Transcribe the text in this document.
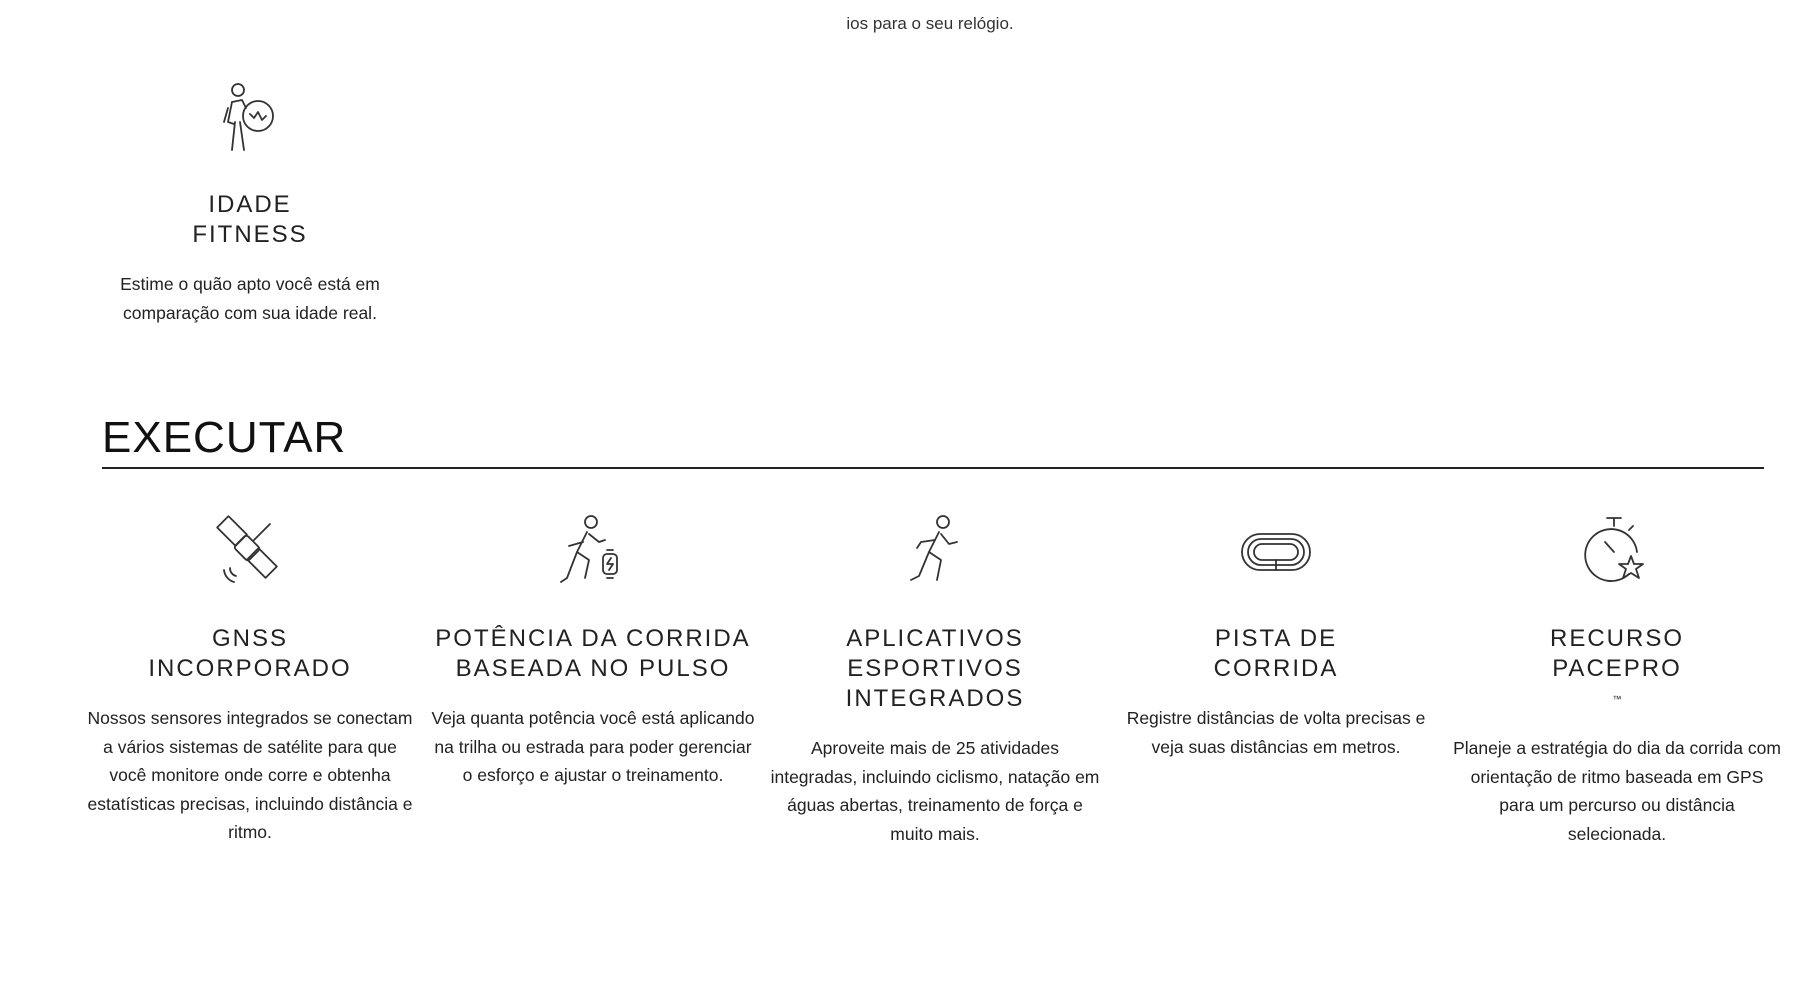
ios para o seu relógio.
IDADE
FITNESS
Estime o quão apto você está em comparação com sua idade real.
EXECUTAR
GNSS
INCORPORADO
Nossos sensores integrados se conectam a vários sistemas de satélite para que você monitore onde corre e obtenha estatísticas precisas, incluindo distância e ritmo.
POTÊNCIA DA CORRIDA
BASEADA NO PULSO
Veja quanta potência você está aplicando na trilha ou estrada para poder gerenciar o esforço e ajustar o treinamento.
APLICATIVOS
ESPORTIVOS
INTEGRADOS
Aproveite mais de 25 atividades integradas, incluindo ciclismo, natação em águas abertas, treinamento de força e muito mais.
PISTA DE
CORRIDA
Registre distâncias de volta precisas e veja suas distâncias em metros.
RECURSO
PACEPRO
™
Planeje a estratégia do dia da corrida com orientação de ritmo baseada em GPS para um percurso ou distância selecionada.
